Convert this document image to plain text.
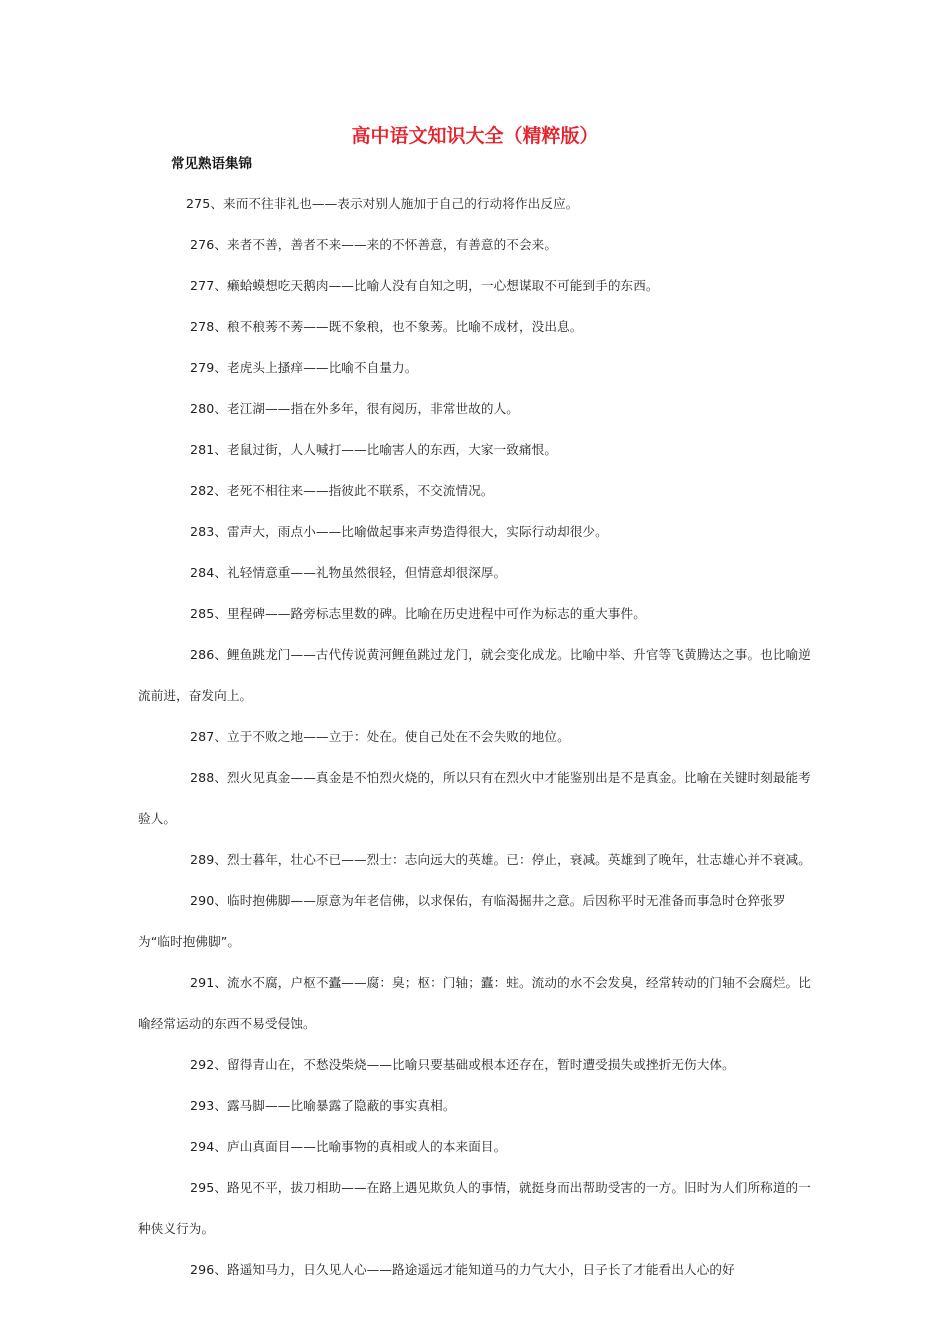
高中语文知识大全（精粹版）
常见熟语集锦

275、来而不往非礼也——表示对别人施加于自己的行动将作出反应。

276、来者不善，善者不来——来的不怀善意，有善意的不会来。

277、癞蛤蟆想吃天鹅肉——比喻人没有自知之明，一心想谋取不可能到手的东西。

278、稂不稂莠不莠——既不象稂，也不象莠。比喻不成材，没出息。

279、老虎头上搔痒——比喻不自量力。

280、老江湖——指在外多年，很有阅历，非常世故的人。

281、老鼠过街，人人喊打——比喻害人的东西，大家一致痛恨。

282、老死不相往来——指彼此不联系，不交流情况。

283、雷声大，雨点小——比喻做起事来声势造得很大，实际行动却很少。

284、礼轻情意重——礼物虽然很轻，但情意却很深厚。

285、里程碑——路旁标志里数的碑。比喻在历史进程中可作为标志的重大事件。

286、鲤鱼跳龙门——古代传说黄河鲤鱼跳过龙门，就会变化成龙。比喻中举、升官等飞黄腾达之事。也比喻逆流前进，奋发向上。

287、立于不败之地——立于：处在。使自己处在不会失败的地位。

288、烈火见真金——真金是不怕烈火烧的，所以只有在烈火中才能鉴别出是不是真金。比喻在关键时刻最能考验人。

289、烈士暮年，壮心不已——烈士：志向远大的英雄。已：停止，衰减。英雄到了晚年，壮志雄心并不衰减。

290、临时抱佛脚——原意为年老信佛，以求保佑，有临渴掘井之意。后因称平时无准备而事急时仓猝张罗为“临时抱佛脚”。

291、流水不腐，户枢不蠹——腐：臭；枢：门轴；蠹：蛀。流动的水不会发臭，经常转动的门轴不会腐烂。比喻经常运动的东西不易受侵蚀。

292、留得青山在，不愁没柴烧——比喻只要基础或根本还存在，暂时遭受损失或挫折无伤大体。

293、露马脚——比喻暴露了隐蔽的事实真相。

294、庐山真面目——比喻事物的真相或人的本来面目。

295、路见不平，拔刀相助——在路上遇见欺负人的事情，就挺身而出帮助受害的一方。旧时为人们所称道的一种侠义行为。

296、路遥知马力，日久见人心——路途遥远才能知道马的力气大小，日子长了才能看出人心的好
